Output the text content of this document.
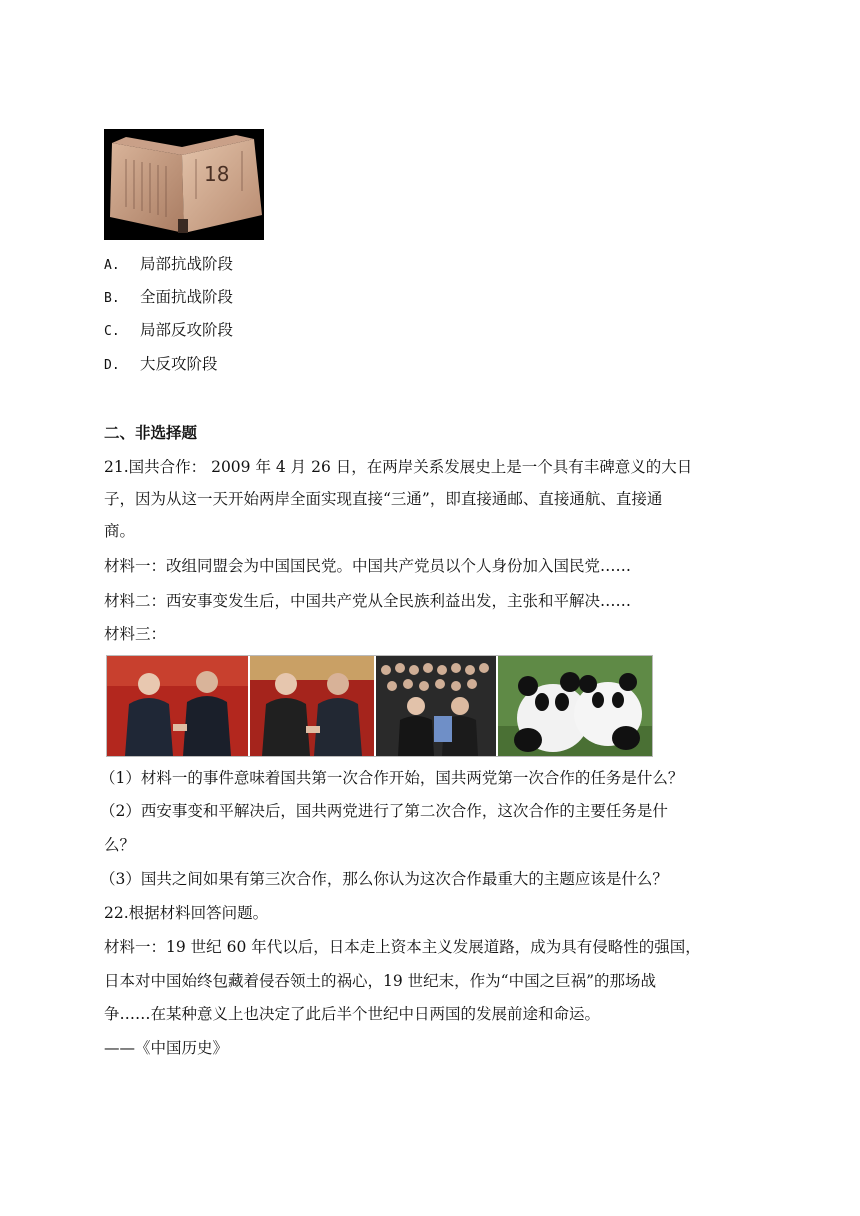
18
A. 局部抗战阶段
B. 全面抗战阶段
C. 局部反攻阶段
D. 大反攻阶段
二、非选择题
21.国共合作： 2009 年 4 月 26 日，在两岸关系发展史上是一个具有丰碑意义的大日
子，因为从这一天开始两岸全面实现直接“三通”，即直接通邮、直接通航、直接通
商。
材料一：改组同盟会为中国国民党。中国共产党员以个人身份加入国民党……
材料二：西安事变发生后，中国共产党从全民族利益出发，主张和平解决……
材料三：
（1）材料一的事件意味着国共第一次合作开始，国共两党第一次合作的任务是什么？
（2）西安事变和平解决后，国共两党进行了第二次合作，这次合作的主要任务是什
么？
（3）国共之间如果有第三次合作，那么你认为这次合作最重大的主题应该是什么？
22.根据材料回答问题。
材料一：19 世纪 60 年代以后，日本走上资本主义发展道路，成为具有侵略性的强国，
日本对中国始终包藏着侵吞领土的祸心，19 世纪末，作为“中国之巨祸”的那场战
争……在某种意义上也决定了此后半个世纪中日两国的发展前途和命运。
——《中国历史》
